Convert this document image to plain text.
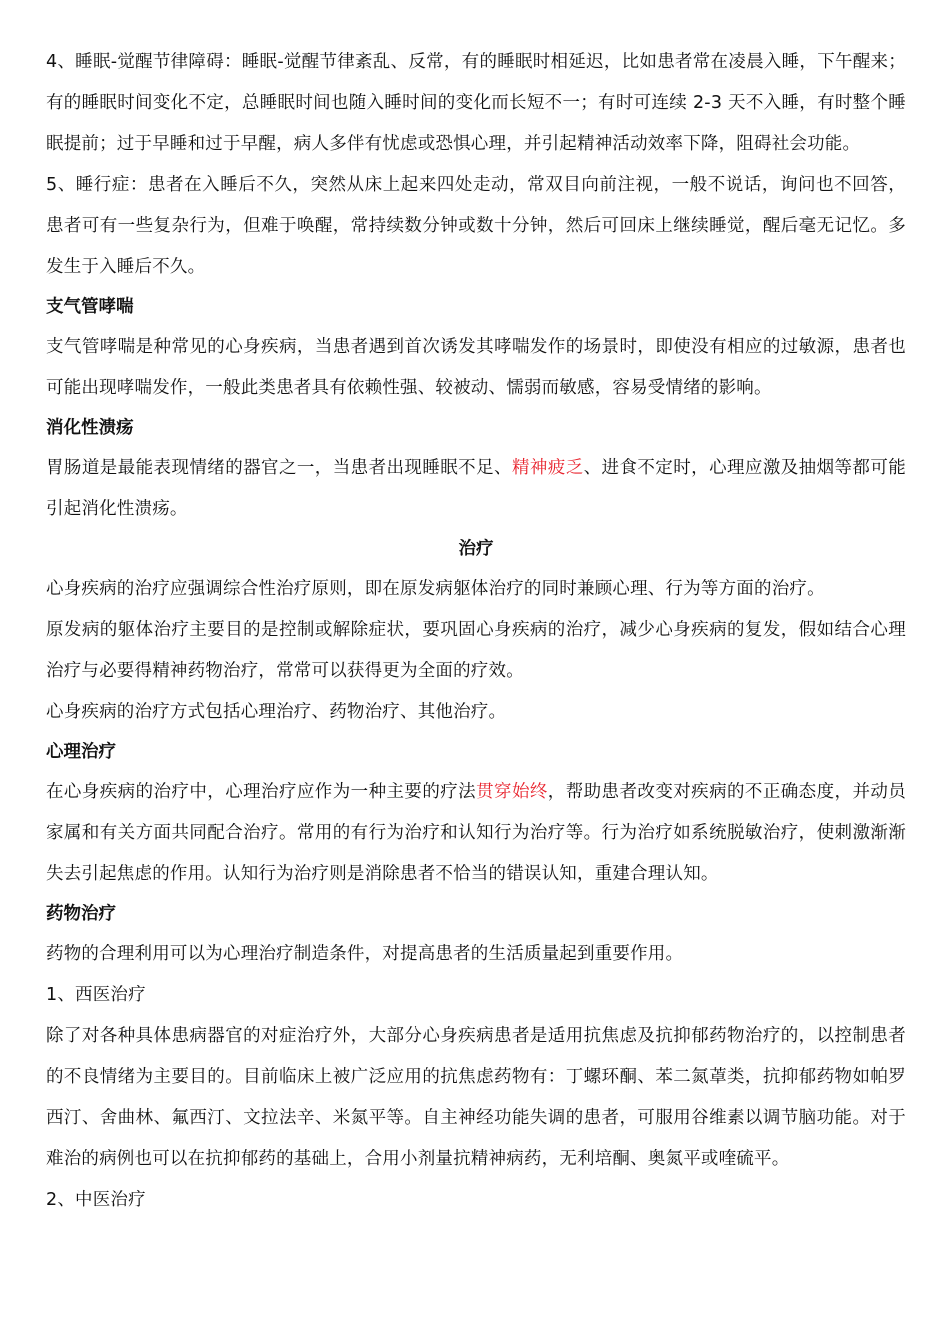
4、睡眠-觉醒节律障碍：睡眠-觉醒节律紊乱、反常，有的睡眠时相延迟，比如患者常在凌晨入睡，下午醒来；有的睡眠时间变化不定，总睡眠时间也随入睡时间的变化而长短不一；有时可连续 2-3 天不入睡，有时整个睡眠提前；过于早睡和过于早醒，病人多伴有忧虑或恐惧心理，并引起精神活动效率下降，阻碍社会功能。

5、睡行症：患者在入睡后不久，突然从床上起来四处走动，常双目向前注视，一般不说话，询问也不回答，患者可有一些复杂行为，但难于唤醒，常持续数分钟或数十分钟，然后可回床上继续睡觉，醒后毫无记忆。多发生于入睡后不久。

支气管哮喘

支气管哮喘是种常见的心身疾病，当患者遇到首次诱发其哮喘发作的场景时，即使没有相应的过敏源，患者也可能出现哮喘发作，一般此类患者具有依赖性强、较被动、懦弱而敏感，容易受情绪的影响。

消化性溃疡

胃肠道是最能表现情绪的器官之一，当患者出现睡眠不足、精神疲乏、进食不定时，心理应激及抽烟等都可能引起消化性溃疡。

治疗

心身疾病的治疗应强调综合性治疗原则，即在原发病躯体治疗的同时兼顾心理、行为等方面的治疗。

原发病的躯体治疗主要目的是控制或解除症状，要巩固心身疾病的治疗，减少心身疾病的复发，假如结合心理治疗与必要得精神药物治疗，常常可以获得更为全面的疗效。

心身疾病的治疗方式包括心理治疗、药物治疗、其他治疗。

心理治疗

在心身疾病的治疗中，心理治疗应作为一种主要的疗法贯穿始终，帮助患者改变对疾病的不正确态度，并动员家属和有关方面共同配合治疗。常用的有行为治疗和认知行为治疗等。行为治疗如系统脱敏治疗，使刺激渐渐失去引起焦虑的作用。认知行为治疗则是消除患者不恰当的错误认知，重建合理认知。

药物治疗

药物的合理利用可以为心理治疗制造条件，对提高患者的生活质量起到重要作用。

1、西医治疗

除了对各种具体患病器官的对症治疗外，大部分心身疾病患者是适用抗焦虑及抗抑郁药物治疗的，以控制患者的不良情绪为主要目的。目前临床上被广泛应用的抗焦虑药物有：丁螺环酮、苯二氮䓬类，抗抑郁药物如帕罗西汀、舍曲林、氟西汀、文拉法辛、米氮平等。自主神经功能失调的患者，可服用谷维素以调节脑功能。对于难治的病例也可以在抗抑郁药的基础上，合用小剂量抗精神病药，无利培酮、奥氮平或喹硫平。

2、中医治疗
